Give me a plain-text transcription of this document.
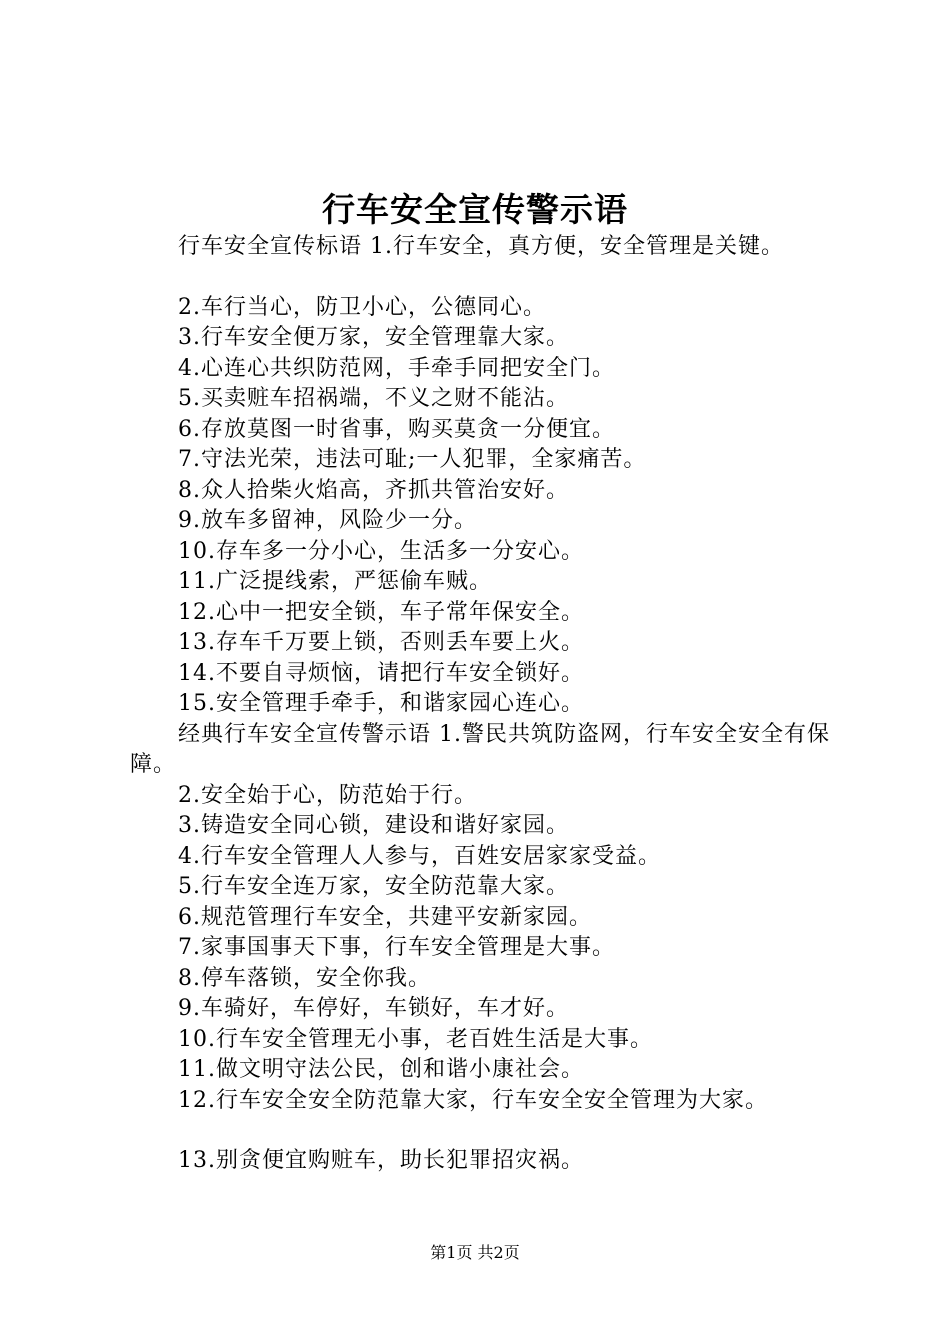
行车安全宣传警示语

行车安全宣传标语 1.行车安全，真方便，安全管理是关键。

2.车行当心，防卫小心，公德同心。

3.行车安全便万家，安全管理靠大家。

4.心连心共织防范网，手牵手同把安全门。

5.买卖赃车招祸端，不义之财不能沾。

6.存放莫图一时省事，购买莫贪一分便宜。

7.守法光荣，违法可耻;一人犯罪，全家痛苦。

8.众人拾柴火焰高，齐抓共管治安好。

9.放车多留神，风险少一分。

10.存车多一分小心，生活多一分安心。

11.广泛提线索，严惩偷车贼。

12.心中一把安全锁，车子常年保安全。

13.存车千万要上锁，否则丢车要上火。

14.不要自寻烦恼，请把行车安全锁好。

15.安全管理手牵手，和谐家园心连心。

经典行车安全宣传警示语 1.警民共筑防盗网，行车安全安全有保障。

2.安全始于心，防范始于行。

3.铸造安全同心锁，建设和谐好家园。

4.行车安全管理人人参与，百姓安居家家受益。

5.行车安全连万家，安全防范靠大家。

6.规范管理行车安全，共建平安新家园。

7.家事国事天下事，行车安全管理是大事。

8.停车落锁，安全你我。

9.车骑好，车停好，车锁好，车才好。

10.行车安全管理无小事，老百姓生活是大事。

11.做文明守法公民，创和谐小康社会。

12.行车安全安全防范靠大家，行车安全安全管理为大家。

13.别贪便宜购赃车，助长犯罪招灾祸。

第1页 共2页
